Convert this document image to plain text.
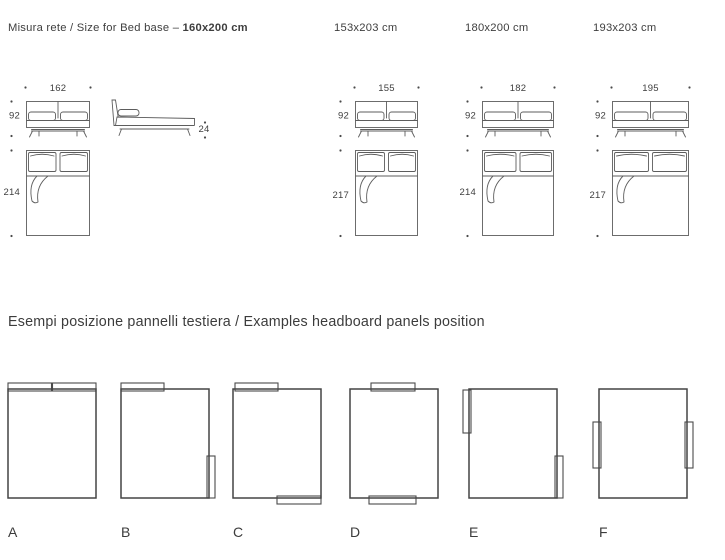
Misura rete / Size for Bed base – 160x200 cm	153x203 cm	180x200 cm	193x203 cm
162
92
214
24
155
92
217
182
92
214
195
92
217
Esempi posizione pannelli testiera / Examples headboard panels position
A	B	C	D	E	F
